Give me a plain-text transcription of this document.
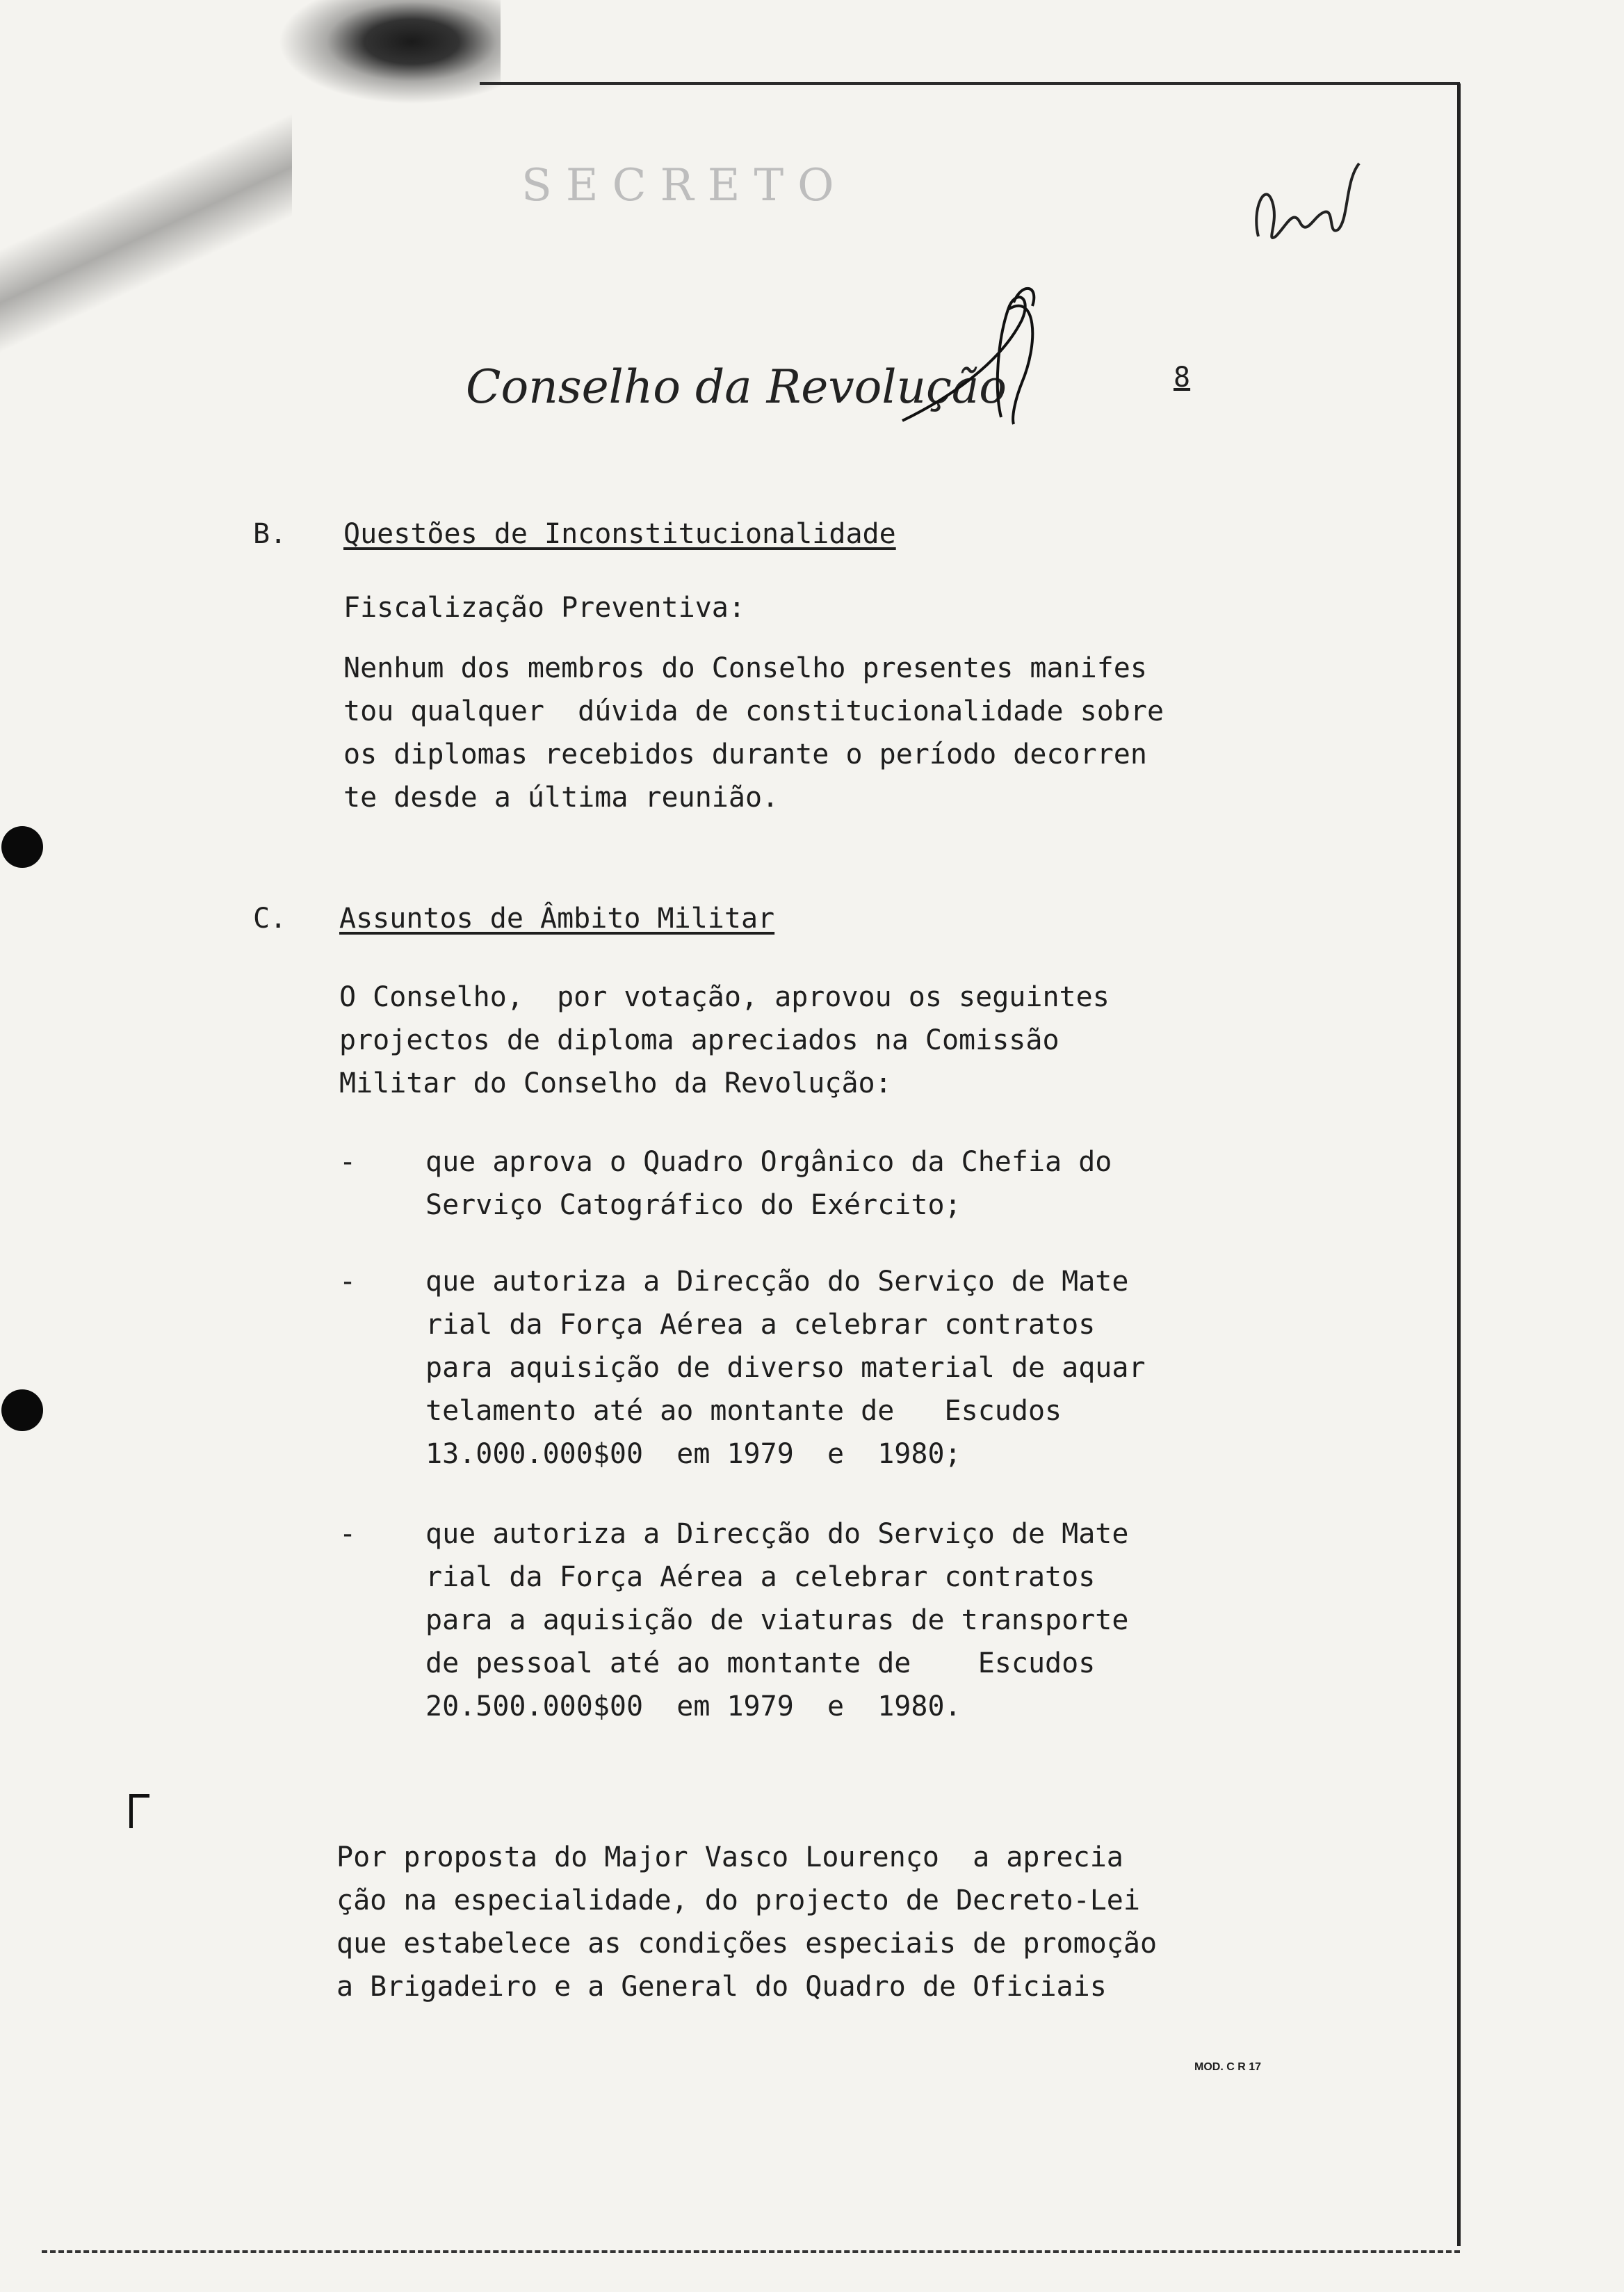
SECRETO
Conselho da Revolução	8
B. Questões de Inconstitucionalidade
Fiscalização Preventiva:
Nenhum dos membros do Conselho presentes manifes
tou qualquer  dúvida de constitucionalidade sobre
os diplomas recebidos durante o período decorren
te desde a última reunião.
C. Assuntos de Âmbito Militar
O Conselho,  por votação, aprovou os seguintes
projectos de diploma apreciados na Comissão
Militar do Conselho da Revolução:
- que aprova o Quadro Orgânico da Chefia do
Serviço Catográfico do Exército;
- que autoriza a Direcção do Serviço de Mate
rial da Força Aérea a celebrar contratos
para aquisição de diverso material de aquar
telamento até ao montante de   Escudos
13.000.000$00  em 1979  e  1980;
- que autoriza a Direcção do Serviço de Mate
rial da Força Aérea a celebrar contratos
para a aquisição de viaturas de transporte
de pessoal até ao montante de    Escudos
20.500.000$00  em 1979  e  1980.
Por proposta do Major Vasco Lourenço  a aprecia
ção na especialidade, do projecto de Decreto-Lei
que estabelece as condições especiais de promoção
a Brigadeiro e a General do Quadro de Oficiais
MOD. C R 17
